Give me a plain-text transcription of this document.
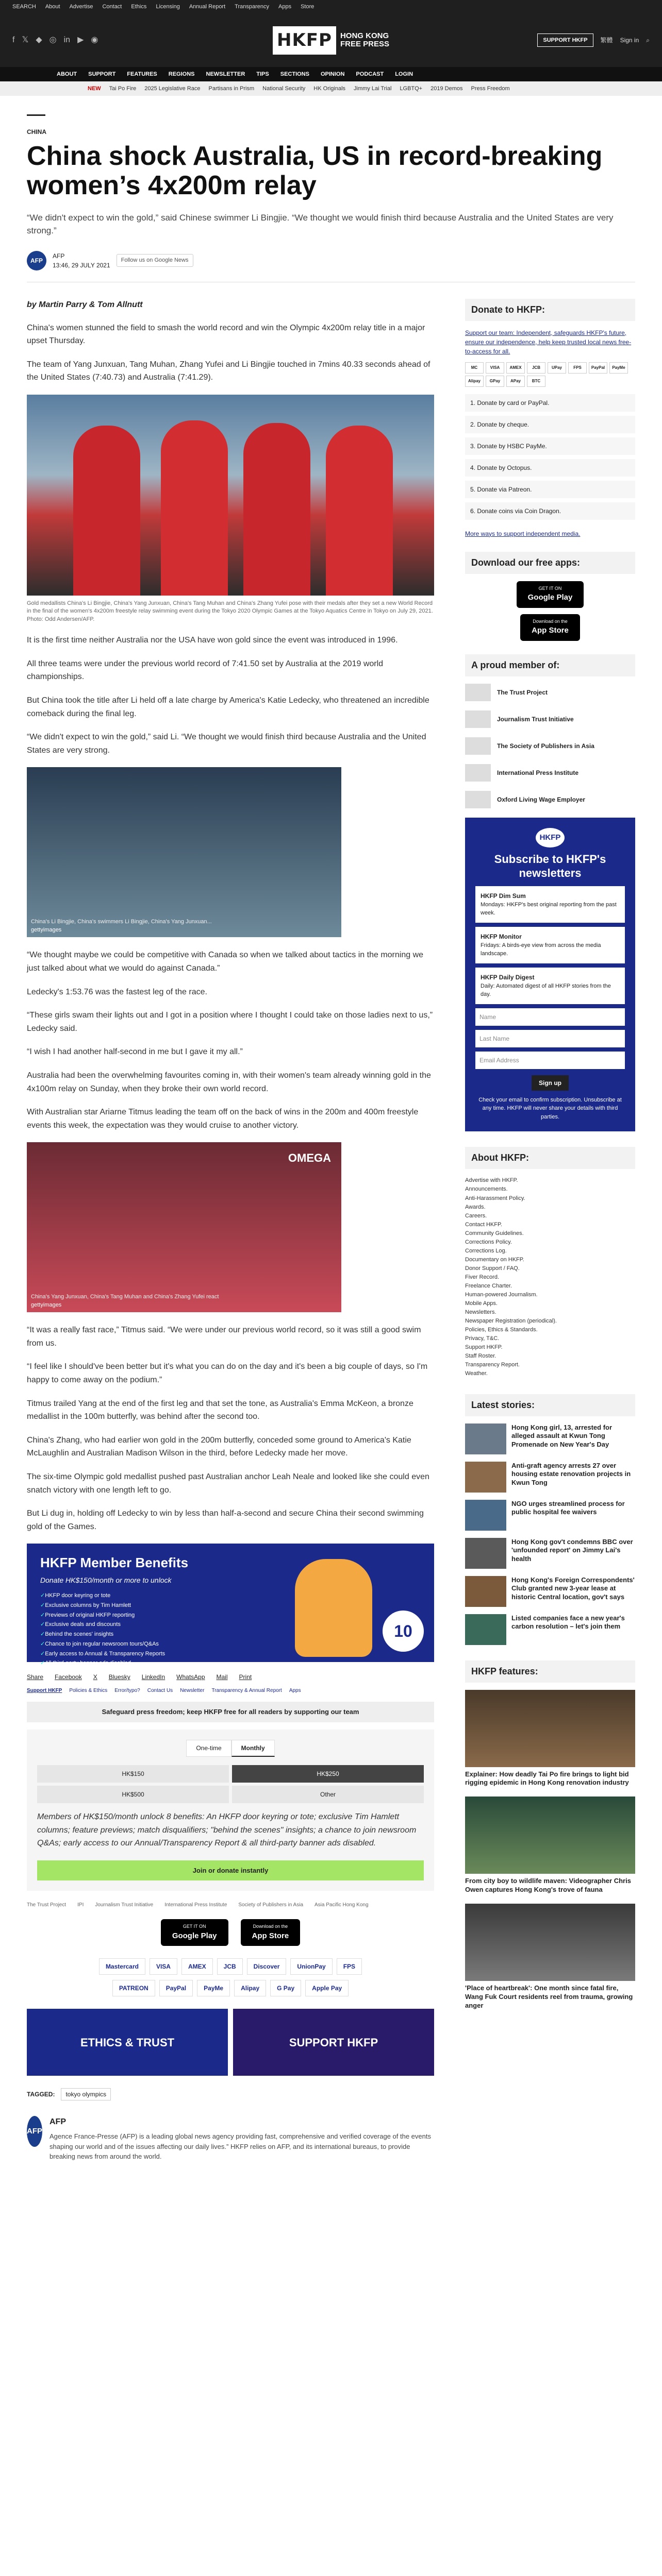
SEARCH About Advertise Contact Ethics Licensing Annual Report Transparency Apps Store
f 𝕏 ◆ ◎ in ▶ ◉	HKFP	HONG KONG
FREE PRESS	SUPPORT HKFP	繁體 Sign in ⌕
ABOUT SUPPORT FEATURES REGIONS NEWSLETTER TIPS SECTIONS OPINION PODCAST LOGIN
NEW Tai Po Fire 2025 Legislative Race Partisans in Prism National Security HK Originals Jimmy Lai Trial LGBTQ+ 2019 Demos Press Freedom
CHINA
China shock Australia, US in record-breaking women’s 4x200m relay

“We didn't expect to win the gold,” said Chinese swimmer Li Bingjie. “We thought we would finish third because Australia and the United States are very strong.”

AFP
AFP
13:46, 29 JULY 2021
Follow us on Google News
by Martin Parry & Tom Allnutt

China's women stunned the field to smash the world record and win the Olympic 4x200m relay title in a major upset Thursday.

The team of Yang Junxuan, Tang Muhan, Zhang Yufei and Li Bingjie touched in 7mins 40.33 seconds ahead of the United States (7:40.73) and Australia (7:41.29).

Gold medallists China's Li Bingjie, China's Yang Junxuan, China's Tang Muhan and China's Zhang Yufei pose with their medals after they set a new World Record in the final of the women's 4x200m freestyle relay swimming event during the Tokyo 2020 Olympic Games at the Tokyo Aquatics Centre in Tokyo on July 29, 2021. Photo: Odd Andersen/AFP.

It is the first time neither Australia nor the USA have won gold since the event was introduced in 1996.

All three teams were under the previous world record of 7:41.50 set by Australia at the 2019 world championships.

But China took the title after Li held off a late charge by America's Katie Ledecky, who threatened an incredible comeback during the final leg.

“We didn't expect to win the gold,” said Li. “We thought we would finish third because Australia and the United States are very strong.

China's Li Bingjie, China's swimmers Li Bingjie, China's Yang Junxuan...
gettyimages

“We thought maybe we could be competitive with Canada so when we talked about tactics in the morning we just talked about what we would do against Canada.”

Ledecky's 1:53.76 was the fastest leg of the race.

“These girls swam their lights out and I got in a position where I thought I could take on those ladies next to us,” Ledecky said.

“I wish I had another half-second in me but I gave it my all.”

Australia had been the overwhelming favourites coming in, with their women's team already winning gold in the 4x100m relay on Sunday, when they broke their own world record.

With Australian star Ariarne Titmus leading the team off on the back of wins in the 200m and 400m freestyle events this week, the expectation was they would cruise to another victory.

OMEGA
China's Yang Junxuan, China's Tang Muhan and China's Zhang Yufei react
gettyimages

“It was a really fast race,” Titmus said. “We were under our previous world record, so it was still a good swim from us.

“I feel like I should've been better but it's what you can do on the day and it's been a big couple of days, so I'm happy to come away on the podium.”

Titmus trailed Yang at the end of the first leg and that set the tone, as Australia's Emma McKeon, a bronze medallist in the 100m butterfly, was behind after the second too.

China's Zhang, who had earlier won gold in the 200m butterfly, conceded some ground to America's Katie McLaughlin and Australian Madison Wilson in the third, before Ledecky made her move.

The six-time Olympic gold medallist pushed past Australian anchor Leah Neale and looked like she could even snatch victory with one length left to go.

But Li dug in, holding off Ledecky to win by less than half-a-second and secure China their second swimming gold of the Games.

HKFP Member Benefits
Donate HK$150/month or more to unlock
✓ HKFP door keyring or tote
✓ Exclusive columns by Tim Hamlett
✓ Previews of original HKFP reporting
✓ Exclusive deals and discounts
✓ Behind the scenes' insights
✓ Chance to join regular newsroom tours/Q&As
✓ Early access to Annual & Transparency Reports
✓ All third-party banner ads disabled
10
Share Facebook X Bluesky LinkedIn WhatsApp Mail Print
Support HKFP Policies & Ethics Error/typo? Contact Us Newsletter Transparency & Annual Report Apps
Safeguard press freedom; keep HKFP free for all readers by supporting our team
One-time	Monthly
HK$150	HK$250
HK$500	Other

Members of HK$150/month unlock 8 benefits: An HKFP door keyring or tote; exclusive Tim Hamlett columns; feature previews; match disqualifiers; "behind the scenes" insights; a chance to join newsroom Q&As; early access to our Annual/Transparency Report & all third-party banner ads disabled.

Join or donate instantly
The Trust Project IPI Journalism Trust Initiative International Press Institute Society of Publishers in Asia Asia Pacific Hong Kong
GET IT ON
Google Play
Download on the
App Store
Mastercard	VISA	AMEX	JCB	Discover	UnionPay	FPS
PATREON	PayPal	PayMe	Alipay	G Pay	Apple Pay
ETHICS & TRUST	SUPPORT HKFP
TAGGED:	tokyo olympics
AFP
AFP
Agence France-Presse (AFP) is a leading global news agency providing fast, comprehensive and verified coverage of the events shaping our world and of the issues affecting our daily lives.” HKFP relies on AFP, and its international bureaus, to provide breaking news from around the world.
Donate to HKFP:
Support our team: Independent, safeguards HKFP's future, ensure our independence, help keep trusted local news free-to-access for all.
MC	VISA	AMEX	JCB	UPay	FPS	PayPal	PayMe
Alipay	GPay	APay	BTC
1. Donate by card or PayPal.
2. Donate by cheque.
3. Donate by HSBC PayMe.
4. Donate by Octopus.
5. Donate via Patreon.
6. Donate coins via Coin Dragon.
More ways to support independent media.
Download our free apps:
GET IT ON
Google Play
Download on the
App Store
A proud member of:
The Trust Project
Journalism Trust Initiative
The Society of Publishers in Asia
International Press Institute
Oxford Living Wage Employer
HKFP
Subscribe to HKFP's newsletters
HKFP Dim Sum
Mondays: HKFP's best original reporting from the past week.
HKFP Monitor
Fridays: A birds-eye view from across the media landscape.
HKFP Daily Digest
Daily: Automated digest of all HKFP stories from the day.
Name
Last Name
Email Address
Sign up

Check your email to confirm subscription. Unsubscribe at any time. HKFP will never share your details with third parties.

About HKFP:
Advertise with HKFP.
Announcements.
Anti-Harassment Policy.
Awards.
Careers.
Contact HKFP.
Community Guidelines.
Corrections Policy.
Corrections Log.
Documentary on HKFP.
Donor Support / FAQ.
Fiver Record.
Freelance Charter.
Human-powered Journalism.
Mobile Apps.
Newsletters.
Newspaper Registration (periodical).
Policies, Ethics & Standards.
Privacy, T&C.
Support HKFP.
Staff Roster.
Transparency Report.
Weather.
Latest stories:
Hong Kong girl, 13, arrested for alleged assault at Kwun Tong Promenade on New Year's Day
Anti-graft agency arrests 27 over housing estate renovation projects in Kwun Tong
NGO urges streamlined process for public hospital fee waivers
Hong Kong gov't condemns BBC over 'unfounded report' on Jimmy Lai's health
Hong Kong's Foreign Correspondents' Club granted new 3-year lease at historic Central location, gov't says
Listed companies face a new year's carbon resolution – let's join them
HKFP features:
Explainer: How deadly Tai Po fire brings to light bid rigging epidemic in Hong Kong renovation industry
From city boy to wildlife maven: Videographer Chris Owen captures Hong Kong's trove of fauna
'Place of heartbreak': One month since fatal fire, Wang Fuk Court residents reel from trauma, growing anger
